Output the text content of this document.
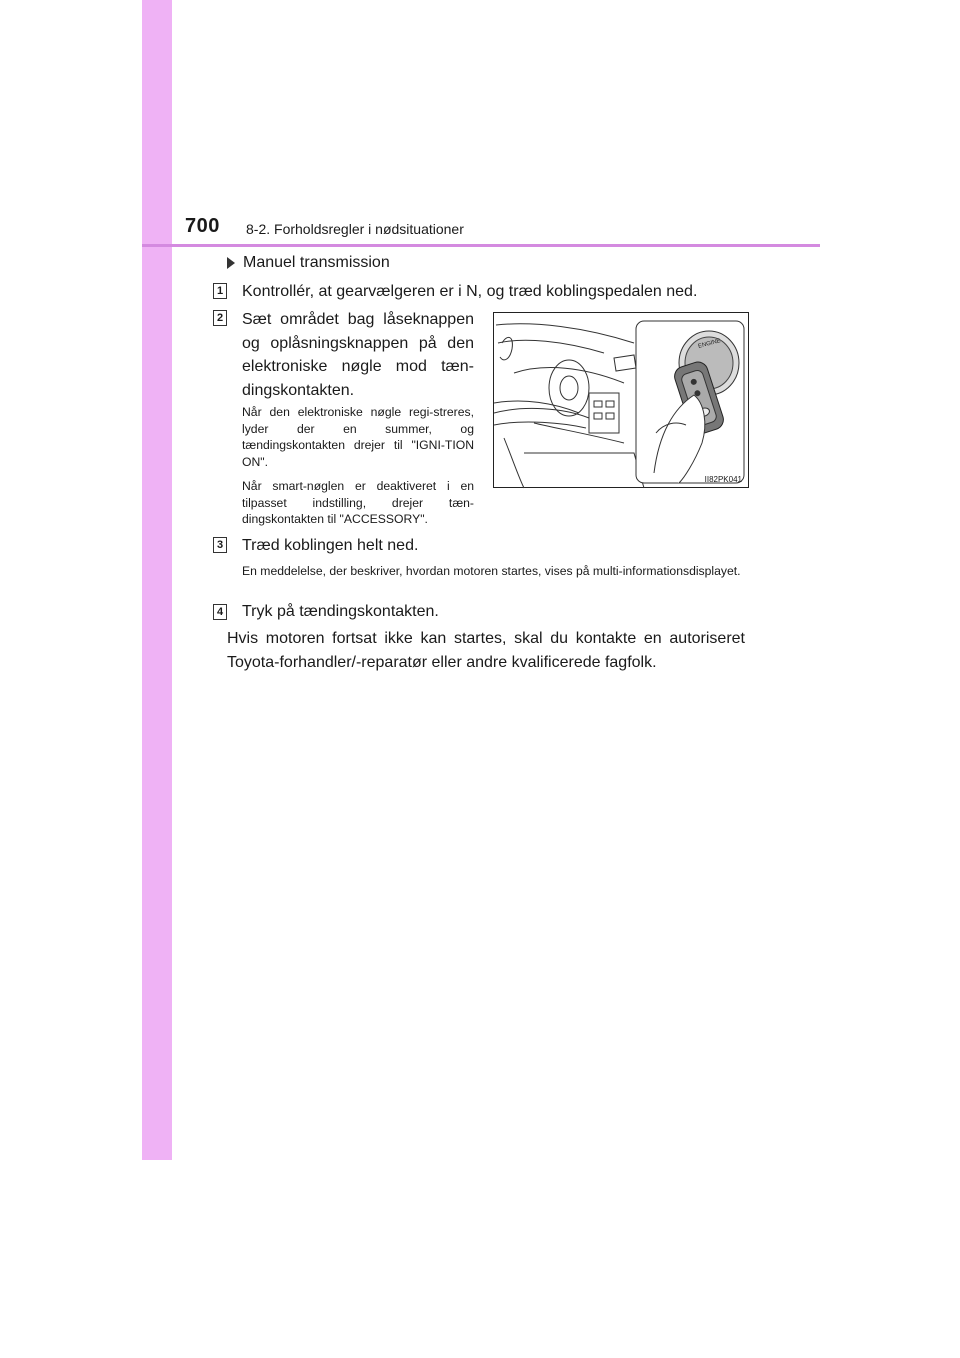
700 8-2. Forholdsregler i nødsituationer
Manuel transmission
1 Kontrollér, at gearvælgeren er i N, og træd koblingspedalen ned.
2 Sæt området bag låseknappen og oplåsningsknappen på den elektroniske nøgle mod tæn-dingskontakten.
Når den elektroniske nøgle regi-streres, lyder der en summer, og tændingskontakten drejer til "IGNI-TION ON".
Når smart-nøglen er deaktiveret i en tilpasset indstilling, drejer tæn-dingskontakten til "ACCESSORY".
ENGINE
II82PK041
3 Træd koblingen helt ned.
En meddelelse, der beskriver, hvordan motoren startes, vises på multi-informationsdisplayet.
4 Tryk på tændingskontakten.
Hvis motoren fortsat ikke kan startes, skal du kontakte en autoriseret Toyota-forhandler/-reparatør eller andre kvalificerede fagfolk.
